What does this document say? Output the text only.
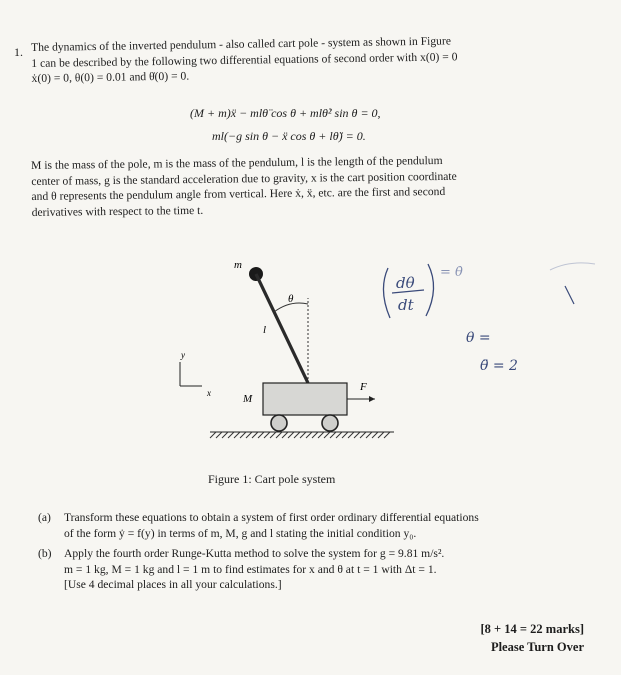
1. The dynamics of the inverted pendulum - also called cart pole - system as shown in Figure
1 can be described by the following two differential equations of second order with x(0) = 0
ẋ(0) = 0, θ(0) = 0.01 and θ̇(0) = 0.
(M + m)ẍ − mlθ̈ cos θ + mlθ̇² sin θ = 0,
ml(−g sin θ − ẍ cos θ + lθ̈) = 0.
M is the mass of the pole, m is the mass of the pendulum, l is the length of the pendulum
center of mass, g is the standard acceleration due to gravity, x is the cart position coordinate
and θ represents the pendulum angle from vertical. Here ẋ, ẍ, etc. are the first and second
derivatives with respect to the time t.
m
θ
l
M
F⃗
y
x
dθ
dt
= θ̇
θ =
θ̈ = 2
Figure 1: Cart pole system
(a) Transform these equations to obtain a system of first order ordinary differential equations
of the form ẏ = f(y) in terms of m, M, g and l stating the initial condition y₀.
(b) Apply the fourth order Runge-Kutta method to solve the system for g = 9.81 m/s².
m = 1 kg, M = 1 kg and l = 1 m to find estimates for x and θ at t = 1 with Δt = 1.
[Use 4 decimal places in all your calculations.]
[8 + 14 = 22 marks]
Please Turn Over
